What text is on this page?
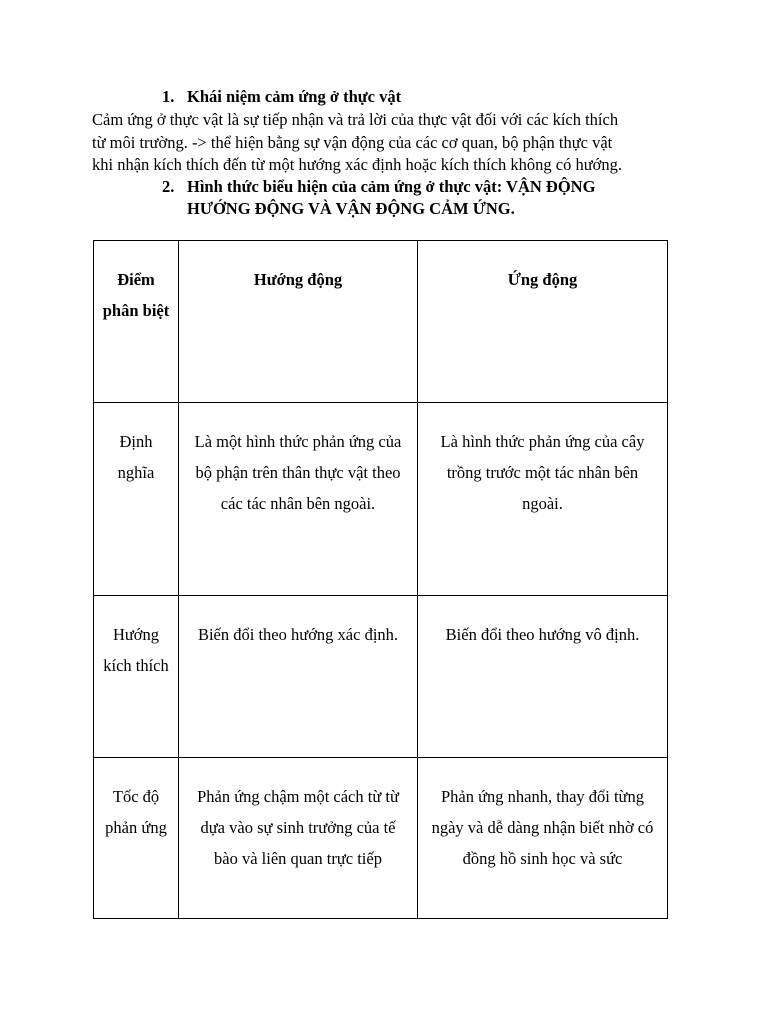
1. Khái niệm cảm ứng ở thực vật
Cảm ứng ở thực vật là sự tiếp nhận và trả lời của thực vật đối với các kích thích
từ môi trường. -> thể hiện bằng sự vận động của các cơ quan, bộ phận thực vật
khi nhận kích thích đến từ một hướng xác định hoặc kích thích không có hướng.
2. Hình thức biểu hiện của cảm ứng ở thực vật: VẬN ĐỘNG
HƯỚNG ĐỘNG VÀ VẬN ĐỘNG CẢM ỨNG.
Điểm phân biệt	Hướng động	Ứng động

Định nghĩa	Là một hình thức phản ứng của bộ phận trên thân thực vật theo các tác nhân bên ngoài.	Là hình thức phản ứng của cây trồng trước một tác nhân bên ngoài.

Hướng kích thích	Biến đổi theo hướng xác định.	Biến đổi theo hướng vô định.

Tốc độ phản ứng	Phản ứng chậm một cách từ từ dựa vào sự sinh trưởng của tế bào và liên quan trực tiếp	Phản ứng nhanh, thay đổi từng ngày và dễ dàng nhận biết nhờ có đồng hồ sinh học và sức
